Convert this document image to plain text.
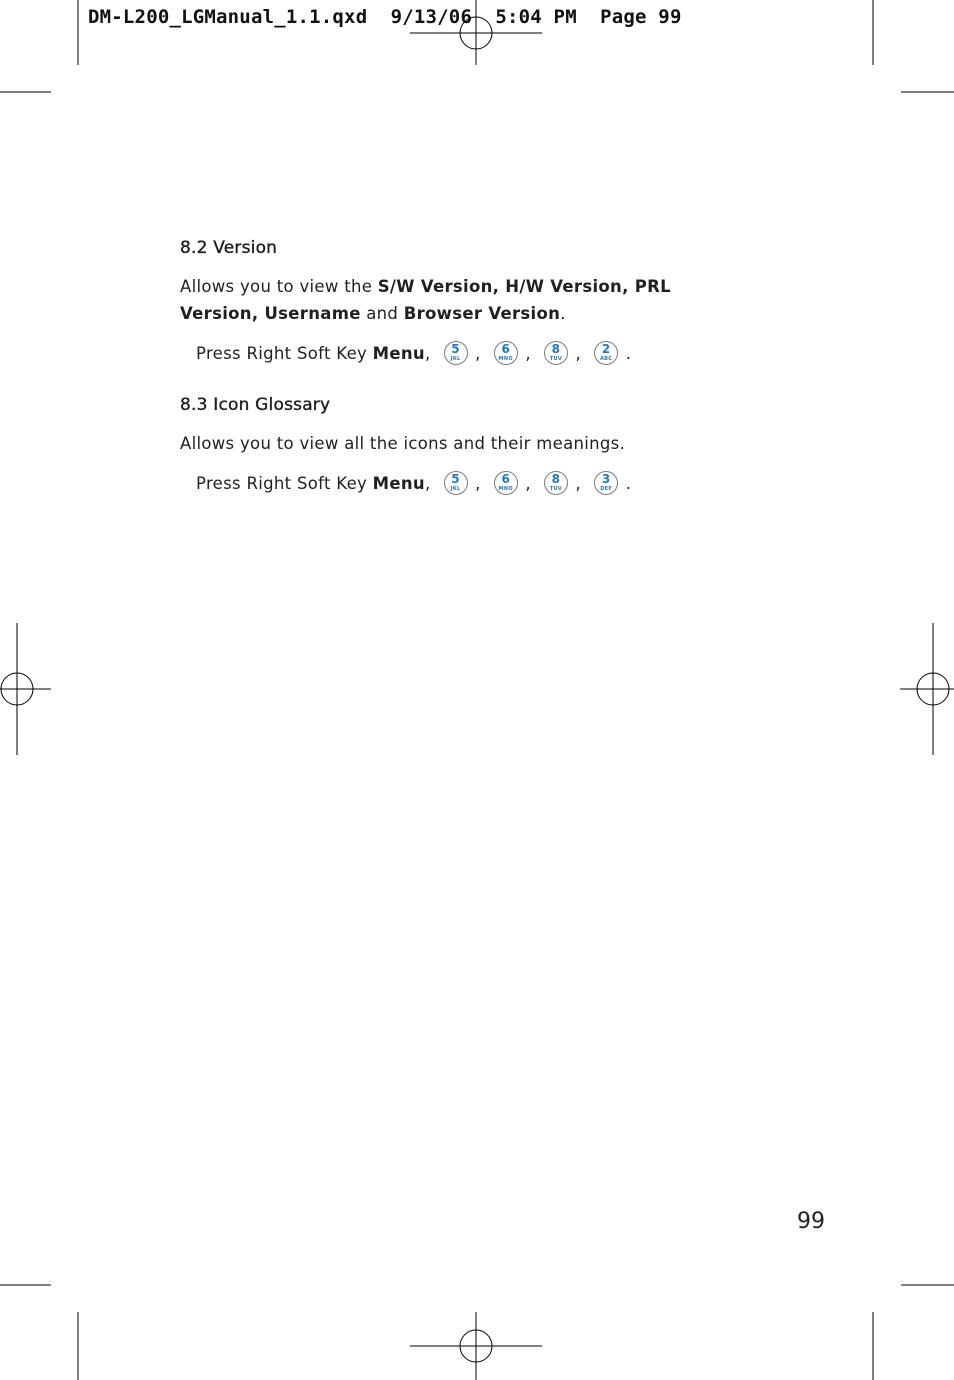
DM-L200_LGManual_1.1.qxd  9/13/06  5:04 PM  Page 99
8.2 Version

Allows you to view the S/W Version, H/W Version, PRL Version, Username and Browser Version.

Press Right Soft Key Menu , 5
JKL , 6
MNO , 8
TUV , 2
ABC .
8.3 Icon Glossary

Allows you to view all the icons and their meanings.

Press Right Soft Key Menu , 5
JKL , 6
MNO , 8
TUV , 3
DEF .
99
